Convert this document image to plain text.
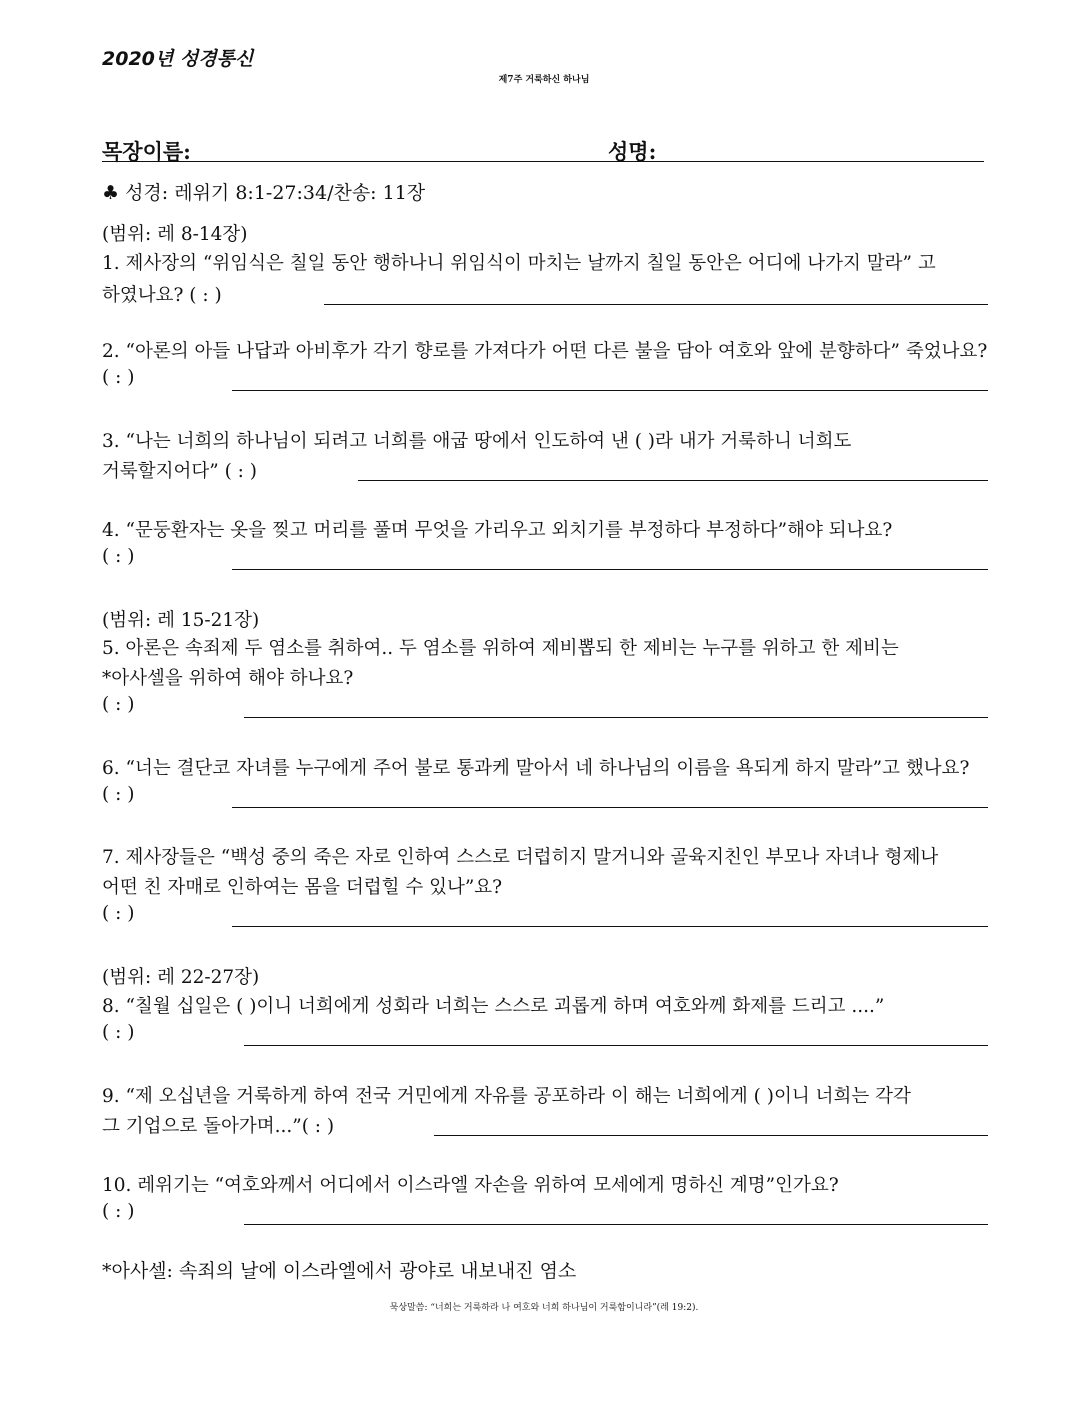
2020년 성경통신
제7주 거룩하신 하나님
목장이름:	성명:
♣ 성경: 레위기 8:1-27:34/찬송: 11장
(범위: 레 8-14장)
1. 제사장의 “위임식은 칠일 동안 행하나니 위임식이 마치는 날까지 칠일 동안은 어디에 나가지 말라” 고
하였나요? ( : )
2. “아론의 아들 나답과 아비후가 각기 향로를 가져다가 어떤 다른 불을 담아 여호와 앞에 분향하다” 죽었나요?
( : )
3. “나는 너희의 하나님이 되려고 너희를 애굽 땅에서 인도하여 낸 ( )라 내가 거룩하니 너희도
거룩할지어다” ( : )
4. “문둥환자는 옷을 찢고 머리를 풀며 무엇을 가리우고 외치기를 부정하다 부정하다”해야 되나요?
( : )
(범위: 레 15-21장)
5. 아론은 속죄제 두 염소를 취하여.. 두 염소를 위하여 제비뽑되 한 제비는 누구를 위하고 한 제비는
*아사셀을 위하여 해야 하나요?
( : )
6. “너는 결단코 자녀를 누구에게 주어 불로 통과케 말아서 네 하나님의 이름을 욕되게 하지 말라”고 했나요?
( : )
7. 제사장들은 “백성 중의 죽은 자로 인하여 스스로 더럽히지 말거니와 골육지친인 부모나 자녀나 형제나
어떤 친 자매로 인하여는 몸을 더럽힐 수 있나”요?
( : )
(범위: 레 22-27장)
8. “칠월 십일은 ( )이니 너희에게 성회라 너희는 스스로 괴롭게 하며 여호와께 화제를 드리고 ....”
( : )
9. “제 오십년을 거룩하게 하여 전국 거민에게 자유를 공포하라 이 해는 너희에게 ( )이니 너희는 각각
그 기업으로 돌아가며...”( : )
10. 레위기는 “여호와께서 어디에서 이스라엘 자손을 위하여 모세에게 명하신 계명”인가요?
( : )
*아사셀: 속죄의 날에 이스라엘에서 광야로 내보내진 염소
묵상말씀: “너희는 거룩하라 나 여호와 너희 하나님이 거룩함이니라”(레 19:2).
